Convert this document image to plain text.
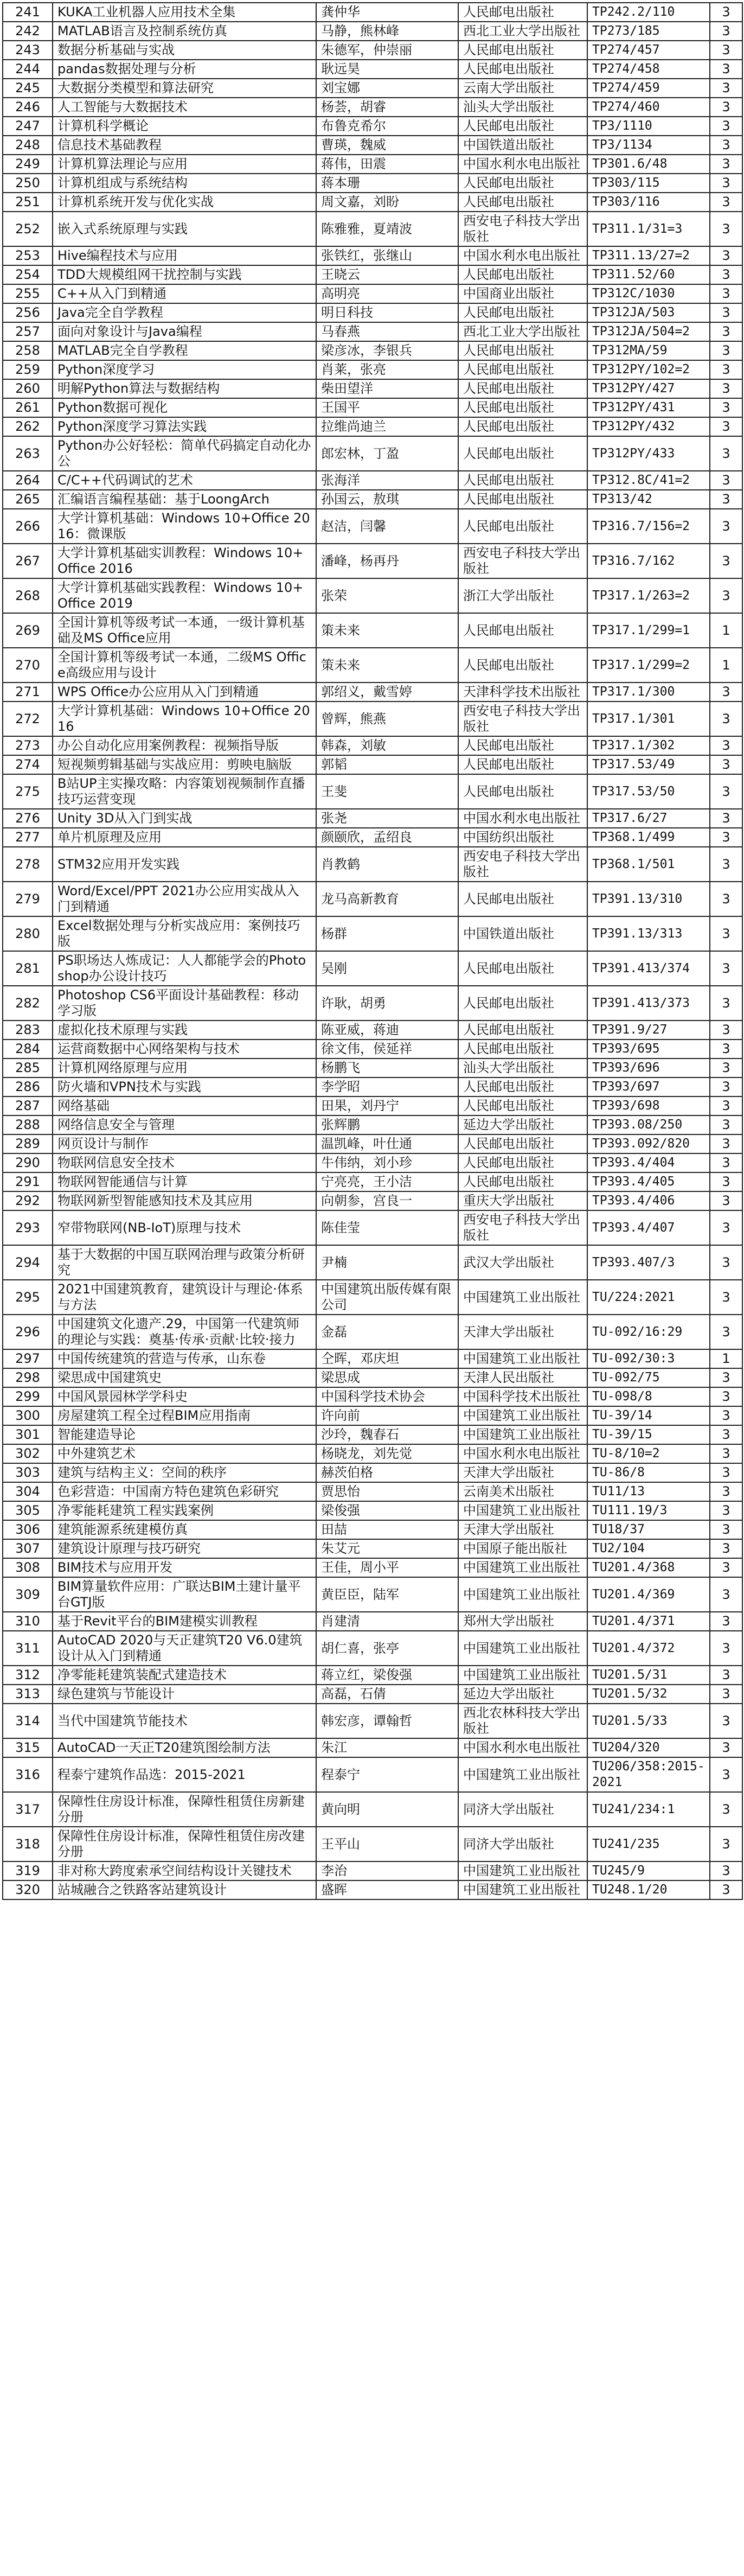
241	KUKA工业机器人应用技术全集	龚仲华	人民邮电出版社	TP242.2/110	3
242	MATLAB语言及控制系统仿真	马静，熊林峰	西北工业大学出版社	TP273/185	3
243	数据分析基础与实战	朱德军，仲崇丽	人民邮电出版社	TP274/457	3
244	pandas数据处理与分析	耿远昊	人民邮电出版社	TP274/458	3
245	大数据分类模型和算法研究	刘宝娜	云南大学出版社	TP274/459	3
246	人工智能与大数据技术	杨荟，胡睿	汕头大学出版社	TP274/460	3
247	计算机科学概论	布鲁克希尔	人民邮电出版社	TP3/1110	3
248	信息技术基础教程	曹瑛，魏威	中国铁道出版社	TP3/1134	3
249	计算机算法理论与应用	蒋伟，田震	中国水利水电出版社	TP301.6/48	3
250	计算机组成与系统结构	蒋本珊	人民邮电出版社	TP303/115	3
251	计算机系统开发与优化实战	周文嘉，刘盼	人民邮电出版社	TP303/116	3
252	嵌入式系统原理与实践	陈雅雅，夏靖波	西安电子科技大学出版社	TP311.1/31=3	3
253	Hive编程技术与应用	张铁红，张继山	中国水利水电出版社	TP311.13/27=2	3
254	TDD大规模组网干扰控制与实践	王晓云	人民邮电出版社	TP311.52/60	3
255	C++从入门到精通	高明亮	中国商业出版社	TP312C/1030	3
256	Java完全自学教程	明日科技	人民邮电出版社	TP312JA/503	3
257	面向对象设计与Java编程	马春燕	西北工业大学出版社	TP312JA/504=2	3
258	MATLAB完全自学教程	梁彦冰，李银兵	人民邮电出版社	TP312MA/59	3
259	Python深度学习	肖莱，张亮	人民邮电出版社	TP312PY/102=2	3
260	明解Python算法与数据结构	柴田望洋	人民邮电出版社	TP312PY/427	3
261	Python数据可视化	王国平	人民邮电出版社	TP312PY/431	3
262	Python深度学习算法实践	拉维尚迪兰	人民邮电出版社	TP312PY/432	3
263	Python办公好轻松：简单代码搞定自动化办公	郎宏林，丁盈	人民邮电出版社	TP312PY/433	3
264	C/C++代码调试的艺术	张海洋	人民邮电出版社	TP312.8C/41=2	3
265	汇编语言编程基础：基于LoongArch	孙国云，敖琪	人民邮电出版社	TP313/42	3
266	大学计算机基础：Windows 10+Office 2016：微课版	赵洁，闫馨	人民邮电出版社	TP316.7/156=2	3
267	大学计算机基础实训教程：Windows 10+Office 2016	潘峰，杨再丹	西安电子科技大学出版社	TP316.7/162	3
268	大学计算机基础实践教程：Windows 10+Office 2019	张荣	浙江大学出版社	TP317.1/263=2	3
269	全国计算机等级考试一本通，一级计算机基础及MS Office应用	策未来	人民邮电出版社	TP317.1/299=1	1
270	全国计算机等级考试一本通，二级MS Office高级应用与设计	策未来	人民邮电出版社	TP317.1/299=2	1
271	WPS Office办公应用从入门到精通	郭绍义，戴雪婷	天津科学技术出版社	TP317.1/300	3
272	大学计算机基础：Windows 10+Office 2016	曾辉，熊燕	西安电子科技大学出版社	TP317.1/301	3
273	办公自动化应用案例教程：视频指导版	韩森，刘敏	人民邮电出版社	TP317.1/302	3
274	短视频剪辑基础与实战应用：剪映电脑版	郭韬	人民邮电出版社	TP317.53/49	3
275	B站UP主实操攻略：内容策划视频制作直播技巧运营变现	王斐	人民邮电出版社	TP317.53/50	3
276	Unity 3D从入门到实战	张尧	中国水利水电出版社	TP317.6/27	3
277	单片机原理及应用	颜颐欣，孟绍良	中国纺织出版社	TP368.1/499	3
278	STM32应用开发实践	肖教鹤	西安电子科技大学出版社	TP368.1/501	3
279	Word/Excel/PPT 2021办公应用实战从入门到精通	龙马高新教育	人民邮电出版社	TP391.13/310	3
280	Excel数据处理与分析实战应用：案例技巧版	杨群	中国铁道出版社	TP391.13/313	3
281	PS职场达人炼成记：人人都能学会的Photoshop办公设计技巧	吴刚	人民邮电出版社	TP391.413/374	3
282	Photoshop CS6平面设计基础教程：移动学习版	许耿，胡勇	人民邮电出版社	TP391.413/373	3
283	虚拟化技术原理与实践	陈亚威，蒋迪	人民邮电出版社	TP391.9/27	3
284	运营商数据中心网络架构与技术	徐文伟，侯延祥	人民邮电出版社	TP393/695	3
285	计算机网络原理与应用	杨鹏飞	汕头大学出版社	TP393/696	3
286	防火墙和VPN技术与实践	李学昭	人民邮电出版社	TP393/697	3
287	网络基础	田果，刘丹宁	人民邮电出版社	TP393/698	3
288	网络信息安全与管理	张辉鹏	延边大学出版社	TP393.08/250	3
289	网页设计与制作	温凯峰，叶仕通	人民邮电出版社	TP393.092/820	3
290	物联网信息安全技术	牛伟纳，刘小珍	人民邮电出版社	TP393.4/404	3
291	物联网智能通信与计算	宁亮亮，王小洁	人民邮电出版社	TP393.4/405	3
292	物联网新型智能感知技术及其应用	向朝参，宫良一	重庆大学出版社	TP393.4/406	3
293	窄带物联网(NB-IoT)原理与技术	陈佳莹	西安电子科技大学出版社	TP393.4/407	3
294	基于大数据的中国互联网治理与政策分析研究	尹楠	武汉大学出版社	TP393.407/3	3
295	2021中国建筑教育，建筑设计与理论·体系与方法	中国建筑出版传媒有限公司	中国建筑工业出版社	TU/224:2021	3
296	中国建筑文化遗产.29，中国第一代建筑师的理论与实践：奠基·传承·贡献·比较·接力	金磊	天津大学出版社	TU-092/16:29	3
297	中国传统建筑的营造与传承，山东卷	仝晖，邓庆坦	中国建筑工业出版社	TU-092/30:3	1
298	梁思成中国建筑史	梁思成	天津人民出版社	TU-092/75	3
299	中国风景园林学学科史	中国科学技术协会	中国科学技术出版社	TU-098/8	3
300	房屋建筑工程全过程BIM应用指南	许向前	中国建筑工业出版社	TU-39/14	3
301	智能建造导论	沙玲，魏春石	中国建筑工业出版社	TU-39/15	3
302	中外建筑艺术	杨晓龙，刘先觉	中国水利水电出版社	TU-8/10=2	3
303	建筑与结构主义：空间的秩序	赫茨伯格	天津大学出版社	TU-86/8	3
304	色彩营造：中国南方特色建筑色彩研究	贾思怡	云南美术出版社	TU11/13	3
305	净零能耗建筑工程实践案例	梁俊强	中国建筑工业出版社	TU111.19/3	3
306	建筑能源系统建模仿真	田喆	天津大学出版社	TU18/37	3
307	建筑设计原理与技巧研究	朱艾元	中国原子能出版社	TU2/104	3
308	BIM技术与应用开发	王佳，周小平	中国建筑工业出版社	TU201.4/368	3
309	BIM算量软件应用：广联达BIM土建计量平台GTJ版	黄臣臣，陆军	中国建筑工业出版社	TU201.4/369	3
310	基于Revit平台的BIM建模实训教程	肖建清	郑州大学出版社	TU201.4/371	3
311	AutoCAD 2020与天正建筑T20 V6.0建筑设计从入门到精通	胡仁喜，张亭	中国建筑工业出版社	TU201.4/372	3
312	净零能耗建筑装配式建造技术	蒋立红，梁俊强	中国建筑工业出版社	TU201.5/31	3
313	绿色建筑与节能设计	高磊，石倩	延边大学出版社	TU201.5/32	3
314	当代中国建筑节能技术	韩宏彦，谭翰哲	西北农林科技大学出版社	TU201.5/33	3
315	AutoCAD一天正T20建筑图绘制方法	朱江	中国水利水电出版社	TU204/320	3
316	程泰宁建筑作品选：2015-2021	程泰宁	中国建筑工业出版社	TU206/358:2015-2021	3
317	保障性住房设计标准，保障性租赁住房新建分册	黄向明	同济大学出版社	TU241/234:1	3
318	保障性住房设计标准，保障性租赁住房改建分册	王平山	同济大学出版社	TU241/235	3
319	非对称大跨度索承空间结构设计关键技术	李治	中国建筑工业出版社	TU245/9	3
320	站城融合之铁路客站建筑设计	盛晖	中国建筑工业出版社	TU248.1/20	3
